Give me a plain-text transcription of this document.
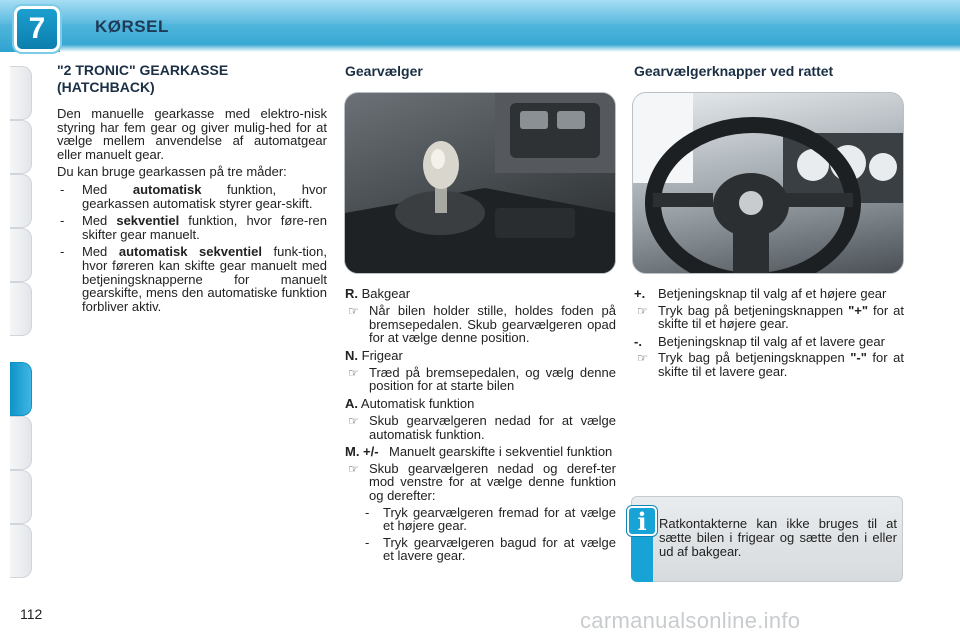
7	KØRSEL
"2 TRONIC" GEARKASSE
(HATCHBACK)

Den manuelle gearkasse med elektro-nisk styring har fem gear og giver mulig-hed for at vælge mellem anvendelse af automatgear eller manuelt gear.

Du kan bruge gearkassen på tre måder:

- Med automatisk funktion, hvor gearkassen automatisk styrer gear-skift.

- Med sekventiel funktion, hvor føre-ren skifter gear manuelt.

- Med automatisk sekventiel funk-tion, hvor føreren kan skifte gear manuelt med betjeningsknapperne for manuelt gearskifte, mens den automatiske funktion forbliver aktiv.

Gearvælger
R. Bakgear
☞ Når bilen holder stille, holdes foden på bremsepedalen. Skub gearvælgeren opad for at vælge denne position.

N. Frigear
☞ Træd på bremsepedalen, og vælg denne position for at starte bilen

A. Automatisk funktion
☞ Skub gearvælgeren nedad for at vælge automatisk funktion.

M. +/- Manuelt gearskifte i sekventiel funktion

☞ Skub gearvælgeren nedad og deref-ter mod venstre for at vælge denne funktion og derefter:

- Tryk gearvælgeren fremad for at vælge et højere gear.

- Tryk gearvælgeren bagud for at vælge et lavere gear.

Gearvælgerknapper ved rattet
+. Betjeningsknap til valg af et højere gear

☞ Tryk bag på betjeningsknappen "+" for at skifte til et højere gear.

-. Betjeningsknap til valg af et lavere gear

☞ Tryk bag på betjeningsknappen "-" for at skifte til et lavere gear.

i Ratkontakterne kan ikke bruges til at sætte bilen i frigear og sætte den i eller ud af bakgear.

112	carmanualsonline.info
